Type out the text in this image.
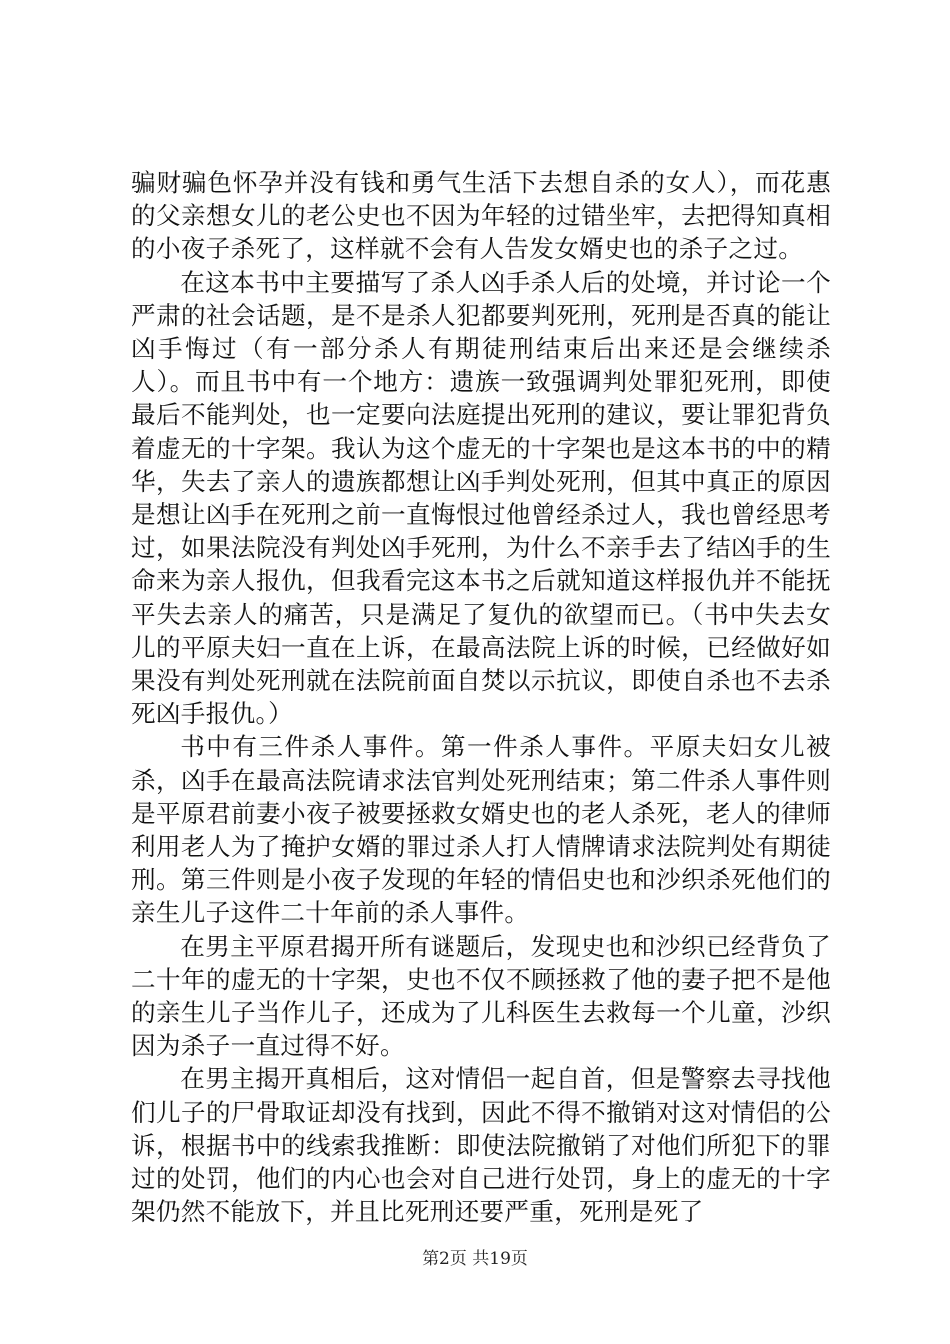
骗财骗色怀孕并没有钱和勇气生活下去想自杀的女人），而花惠的父亲想女儿的老公史也不因为年轻的过错坐牢，去把得知真相的小夜子杀死了，这样就不会有人告发女婿史也的杀子之过。

在这本书中主要描写了杀人凶手杀人后的处境，并讨论一个严肃的社会话题，是不是杀人犯都要判死刑，死刑是否真的能让凶手悔过（有一部分杀人有期徒刑结束后出来还是会继续杀人）。而且书中有一个地方：遗族一致强调判处罪犯死刑，即使最后不能判处，也一定要向法庭提出死刑的建议，要让罪犯背负着虚无的十字架。我认为这个虚无的十字架也是这本书的中的精华，失去了亲人的遗族都想让凶手判处死刑，但其中真正的原因是想让凶手在死刑之前一直悔恨过他曾经杀过人，我也曾经思考过，如果法院没有判处凶手死刑，为什么不亲手去了结凶手的生命来为亲人报仇，但我看完这本书之后就知道这样报仇并不能抚平失去亲人的痛苦，只是满足了复仇的欲望而已。（书中失去女儿的平原夫妇一直在上诉，在最高法院上诉的时候，已经做好如果没有判处死刑就在法院前面自焚以示抗议，即使自杀也不去杀死凶手报仇。）

书中有三件杀人事件。第一件杀人事件。平原夫妇女儿被杀，凶手在最高法院请求法官判处死刑结束；第二件杀人事件则是平原君前妻小夜子被要拯救女婿史也的老人杀死，老人的律师利用老人为了掩护女婿的罪过杀人打人情牌请求法院判处有期徒刑。第三件则是小夜子发现的年轻的情侣史也和沙织杀死他们的亲生儿子这件二十年前的杀人事件。

在男主平原君揭开所有谜题后，发现史也和沙织已经背负了二十年的虚无的十字架，史也不仅不顾拯救了他的妻子把不是他的亲生儿子当作儿子，还成为了儿科医生去救每一个儿童，沙织因为杀子一直过得不好。

在男主揭开真相后，这对情侣一起自首，但是警察去寻找他们儿子的尸骨取证却没有找到，因此不得不撤销对这对情侣的公诉，根据书中的线索我推断：即使法院撤销了对他们所犯下的罪过的处罚，他们的内心也会对自己进行处罚，身上的虚无的十字架仍然不能放下，并且比死刑还要严重，死刑是死了

第2页 共19页
